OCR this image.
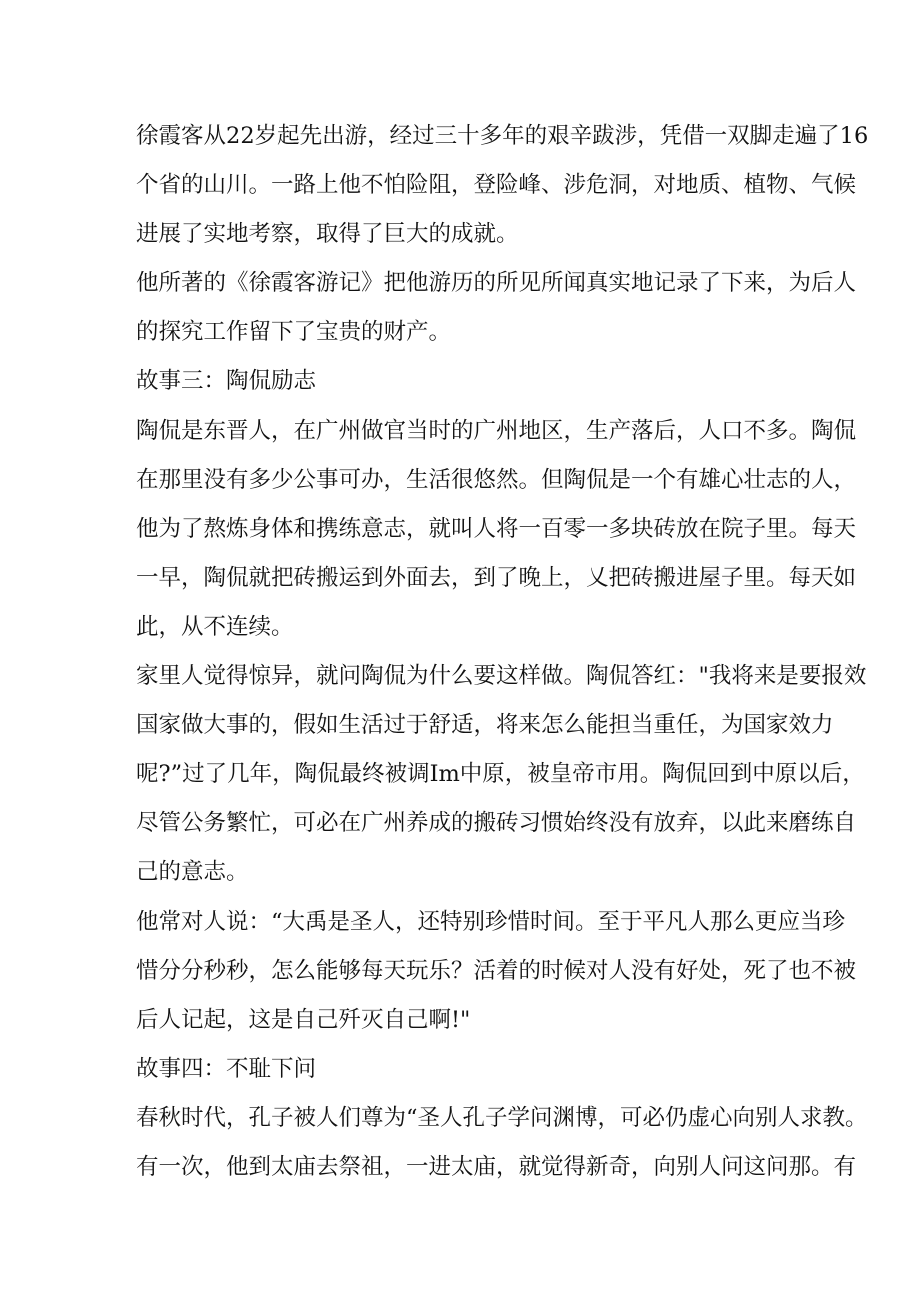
徐霞客从22岁起先出游，经过三十多年的艰辛跋涉，凭借一双脚走遍了16
个省的山川。一路上他不怕险阻，登险峰、涉危洞，对地质、植物、气候
进展了实地考察，取得了巨大的成就。

他所著的《徐霞客游记》把他游历的所见所闻真实地记录了下来，为后人
的探究工作留下了宝贵的财产。

故事三：陶侃励志

陶侃是东晋人，在广州做官当时的广州地区，生产落后，人口不多。陶侃
在那里没有多少公事可办，生活很悠然。但陶侃是一个有雄心壮志的人，
他为了熬炼身体和携练意志，就叫人将一百零一多块砖放在院子里。每天
一早，陶侃就把砖搬运到外面去，到了晚上，乂把砖搬进屋子里。每天如
此，从不连续。

家里人觉得惊异，就问陶侃为什么要这样做。陶侃答红："我将来是要报效
国家做大事的，假如生活过于舒适，将来怎么能担当重任，为国家效力
呢?”过了几年，陶侃最终被调Im中原，被皇帝市用。陶侃回到中原以后，
尽管公务繁忙，可必在广州养成的搬砖习惯始终没有放弃，以此来磨练自
己的意志。

他常对人说：“大禹是圣人，还特别珍惜时间。至于平凡人那么更应当珍
惜分分秒秒，怎么能够每天玩乐？活着的时候对人没有好处，死了也不被
后人记起，这是自己歼灭自己啊!"

故事四：不耻下问

春秋时代，孔子被人们尊为“圣人孔子学问渊博，可必仍虚心向别人求教。
有一次，他到太庙去祭祖，一进太庙，就觉得新奇，向别人问这问那。有
